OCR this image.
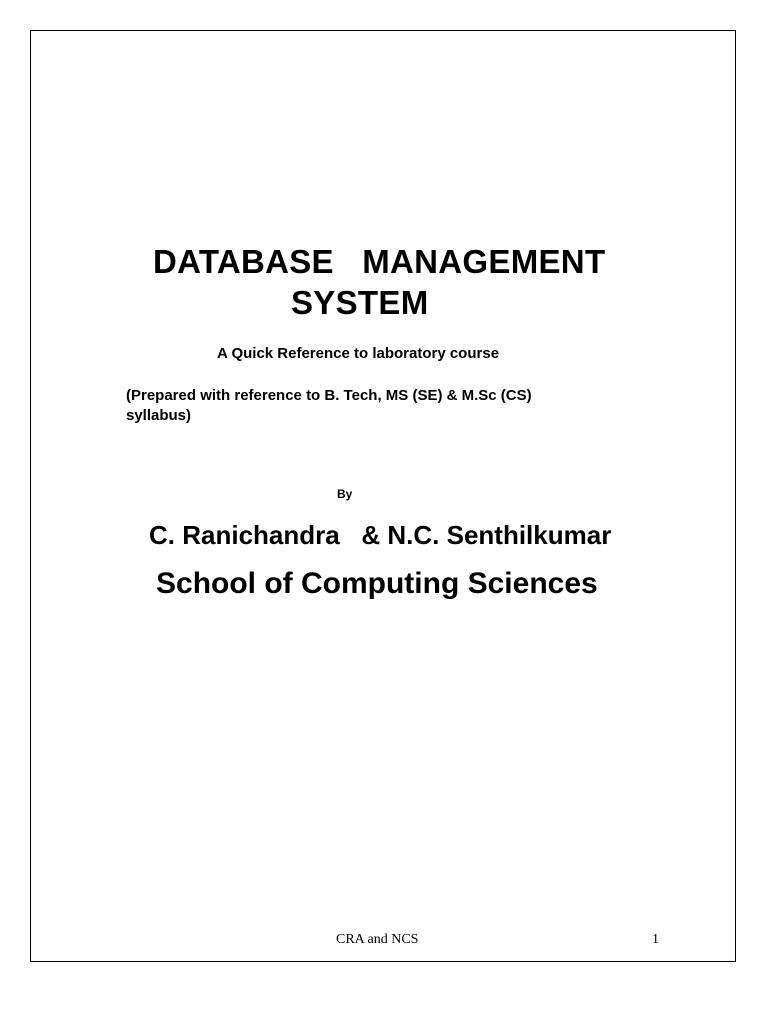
DATABASE   MANAGEMENT
SYSTEM
A Quick Reference to laboratory course
(Prepared with reference to B. Tech, MS (SE) & M.Sc (CS)
syllabus)
By
C. Ranichandra   & N.C. Senthilkumar
School of Computing Sciences
CRA and NCS	1
